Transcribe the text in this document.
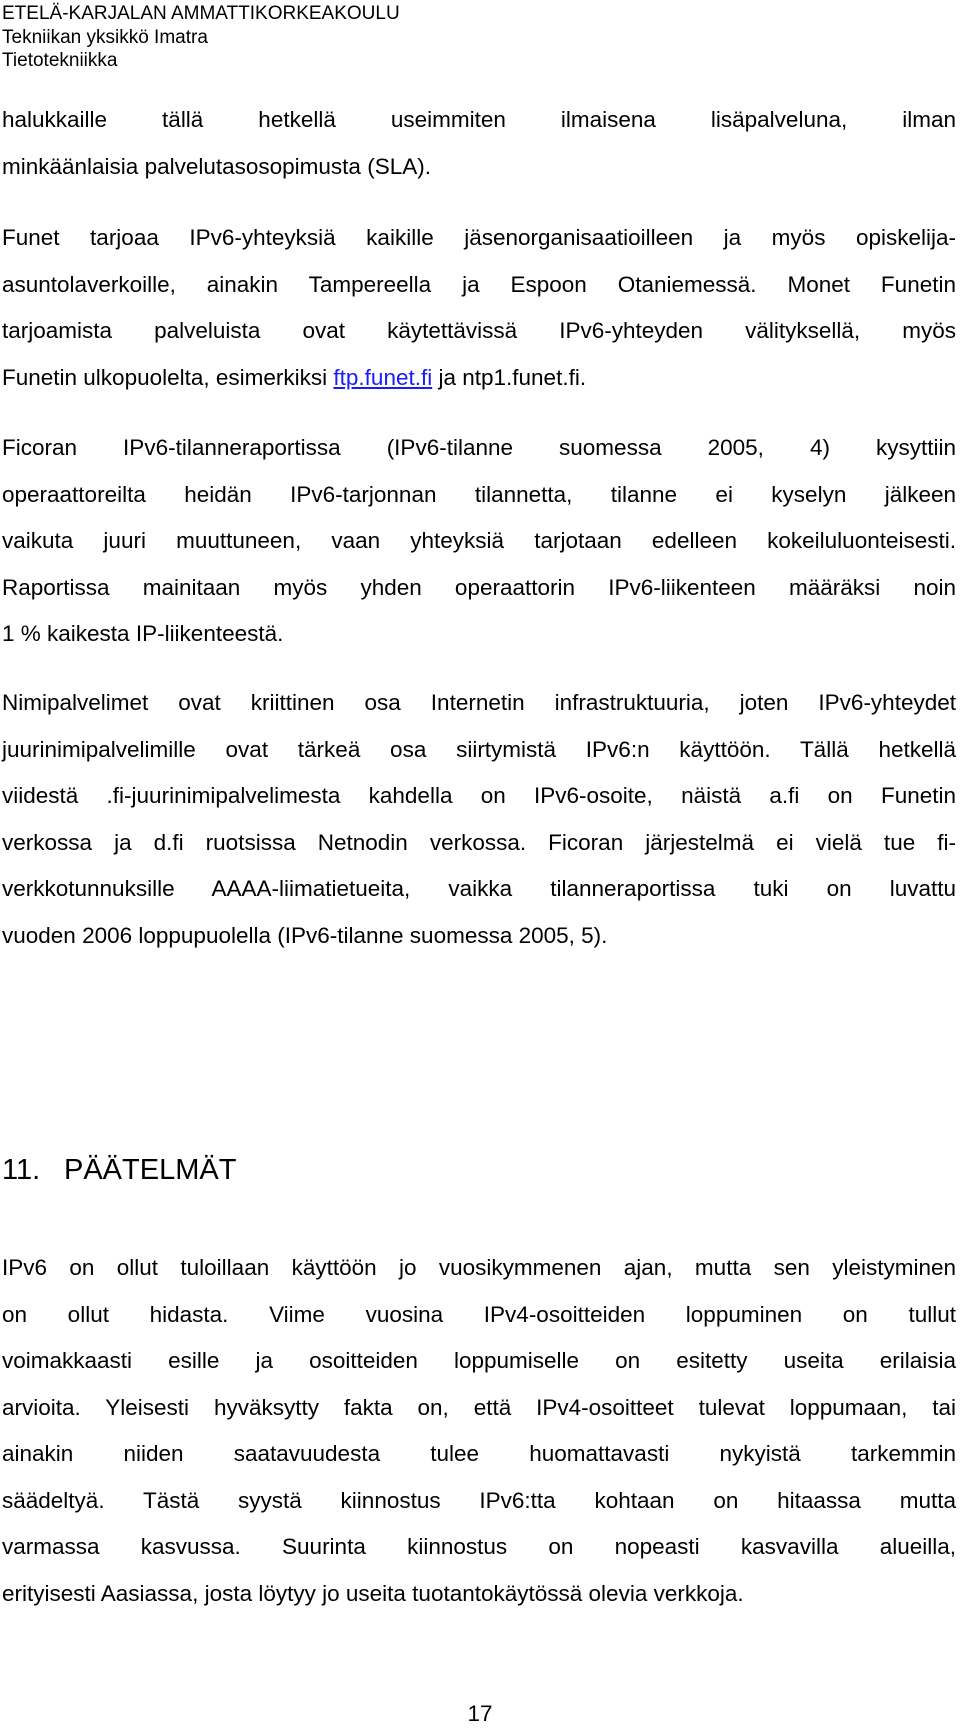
ETELÄ-KARJALAN AMMATTIKORKEAKOULU
Tekniikan yksikkö Imatra
Tietotekniikka
halukkaille tällä hetkellä useimmiten ilmaisena lisäpalveluna, ilman
minkäänlaisia palvelutasosopimusta (SLA).
Funet tarjoaa IPv6-yhteyksiä kaikille jäsenorganisaatioilleen ja myös opiskelija-
asuntolaverkoille, ainakin Tampereella ja Espoon Otaniemessä. Monet Funetin
tarjoamista palveluista ovat käytettävissä IPv6-yhteyden välityksellä, myös
Funetin ulkopuolelta, esimerkiksi ftp.funet.fi ja ntp1.funet.fi.
Ficoran IPv6-tilanneraportissa (IPv6-tilanne suomessa 2005, 4) kysyttiin
operaattoreilta heidän IPv6-tarjonnan tilannetta, tilanne ei kyselyn jälkeen
vaikuta juuri muuttuneen, vaan yhteyksiä tarjotaan edelleen kokeiluluonteisesti.
Raportissa mainitaan myös yhden operaattorin IPv6-liikenteen määräksi noin
1 % kaikesta IP-liikenteestä.
Nimipalvelimet ovat kriittinen osa Internetin infrastruktuuria, joten IPv6-yhteydet
juurinimipalvelimille ovat tärkeä osa siirtymistä IPv6:n käyttöön. Tällä hetkellä
viidestä .fi-juurinimipalvelimesta kahdella on IPv6-osoite, näistä a.fi on Funetin
verkossa ja d.fi ruotsissa Netnodin verkossa. Ficoran järjestelmä ei vielä tue fi-
verkkotunnuksille AAAA-liimatietueita, vaikka tilanneraportissa tuki on luvattu
vuoden 2006 loppupuolella (IPv6-tilanne suomessa 2005, 5).
11. PÄÄTELMÄT
IPv6 on ollut tuloillaan käyttöön jo vuosikymmenen ajan, mutta sen yleistyminen
on ollut hidasta. Viime vuosina IPv4-osoitteiden loppuminen on tullut
voimakkaasti esille ja osoitteiden loppumiselle on esitetty useita erilaisia
arvioita. Yleisesti hyväksytty fakta on, että IPv4-osoitteet tulevat loppumaan, tai
ainakin niiden saatavuudesta tulee huomattavasti nykyistä tarkemmin
säädeltyä. Tästä syystä kiinnostus IPv6:tta kohtaan on hitaassa mutta
varmassa kasvussa. Suurinta kiinnostus on nopeasti kasvavilla alueilla,
erityisesti Aasiassa, josta löytyy jo useita tuotantokäytössä olevia verkkoja.
17
